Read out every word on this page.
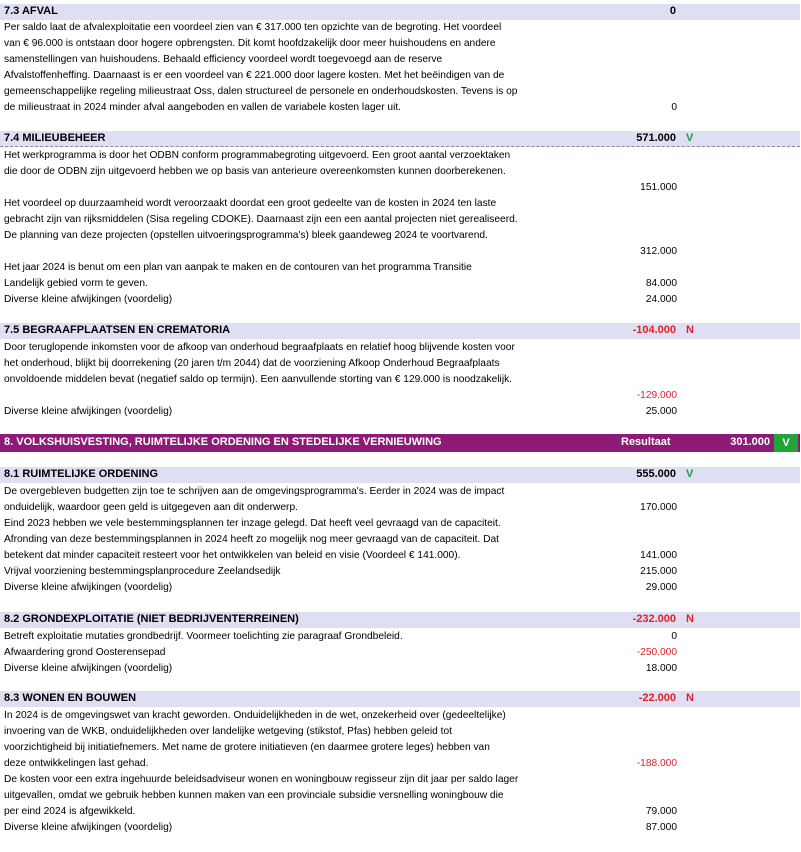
7.3 AFVAL	0
Per saldo laat de afvalexploitatie een voordeel zien van € 317.000 ten opzichte van de begroting. Het voordeel
van € 96.000 is ontstaan door hogere opbrengsten. Dit komt hoofdzakelijk door meer huishoudens en andere
samenstellingen van huishoudens. Behaald efficiency voordeel wordt toegevoegd aan de reserve
Afvalstoffenheffing. Daarnaast is er een voordeel van € 221.000 door lagere kosten. Met het beëindigen van de
gemeenschappelijke regeling milieustraat Oss, dalen structureel de personele en onderhoudskosten. Tevens is op
de milieustraat in 2024 minder afval aangeboden en vallen de variabele kosten lager uit.	0
7.4 MILIEUBEHEER	571.000 V
Het werkprogramma is door het ODBN conform programmabegroting uitgevoerd. Een groot aantal verzoektaken
die door de ODBN zijn uitgevoerd hebben we op basis van anterieure overeenkomsten kunnen doorberekenen.
151.000
Het voordeel op duurzaamheid wordt veroorzaakt doordat een groot gedeelte van de kosten in 2024 ten laste
gebracht zijn van rijksmiddelen (Sisa regeling CDOKE). Daarnaast zijn een een aantal projecten niet gerealiseerd.
De planning van deze projecten (opstellen uitvoeringsprogramma's) bleek gaandeweg 2024 te voortvarend.
312.000
Het jaar 2024 is benut om een plan van aanpak te maken en de contouren van het programma Transitie
Landelijk gebied vorm te geven.	84.000
Diverse kleine afwijkingen (voordelig)	24.000
7.5 BEGRAAFPLAATSEN EN CREMATORIA	-104.000 N
Door teruglopende inkomsten voor de afkoop van onderhoud begraafplaats en relatief hoog blijvende kosten voor
het onderhoud, blijkt bij doorrekening (20 jaren t/m 2044) dat de voorziening Afkoop Onderhoud Begraafplaats
onvoldoende middelen bevat (negatief saldo op termijn). Een aanvullende storting van € 129.000 is noodzakelijk.
-129.000
Diverse kleine afwijkingen (voordelig)	25.000
8. VOLKSHUISVESTING, RUIMTELIJKE ORDENING EN STEDELIJKE VERNIEUWING	Resultaat	301.000	V
8.1 RUIMTELIJKE ORDENING	555.000 V
De overgebleven budgetten zijn toe te schrijven aan de omgevingsprogramma's. Eerder in 2024 was de impact
onduidelijk, waardoor geen geld is uitgegeven aan dit onderwerp.	170.000
Eind 2023 hebben we vele bestemmingsplannen ter inzage gelegd. Dat heeft veel gevraagd van de capaciteit.
Afronding van deze bestemmingsplannen in 2024 heeft zo mogelijk nog meer gevraagd van de capaciteit. Dat
betekent dat minder capaciteit resteert voor het ontwikkelen van beleid en visie (Voordeel € 141.000).	141.000
Vrijval voorziening bestemmingsplanprocedure Zeelandsedijk	215.000
Diverse kleine afwijkingen (voordelig)	29.000
8.2 GRONDEXPLOITATIE (NIET BEDRIJVENTERREINEN)	-232.000 N
Betreft exploitatie mutaties grondbedrijf. Voormeer toelichting zie paragraaf Grondbeleid.	0
Afwaardering grond Oosterensepad	-250.000
Diverse kleine afwijkingen (voordelig)	18.000
8.3 WONEN EN BOUWEN	-22.000 N
In 2024 is de omgevingswet van kracht geworden. Onduidelijkheden in de wet, onzekerheid over (gedeeltelijke)
invoering van de WKB, onduidelijkheden over landelijke wetgeving (stikstof, Pfas) hebben geleid tot
voorzichtigheid bij initiatiefnemers. Met name de grotere initiatieven (en daarmee grotere leges) hebben van
deze ontwikkelingen last gehad.	-188.000
De kosten voor een extra ingehuurde beleidsadviseur wonen en woningbouw regisseur zijn dit jaar per saldo lager
uitgevallen, omdat we gebruik hebben kunnen maken van een provinciale subsidie versnelling woningbouw die
per eind 2024 is afgewikkeld.	79.000
Diverse kleine afwijkingen (voordelig)	87.000
